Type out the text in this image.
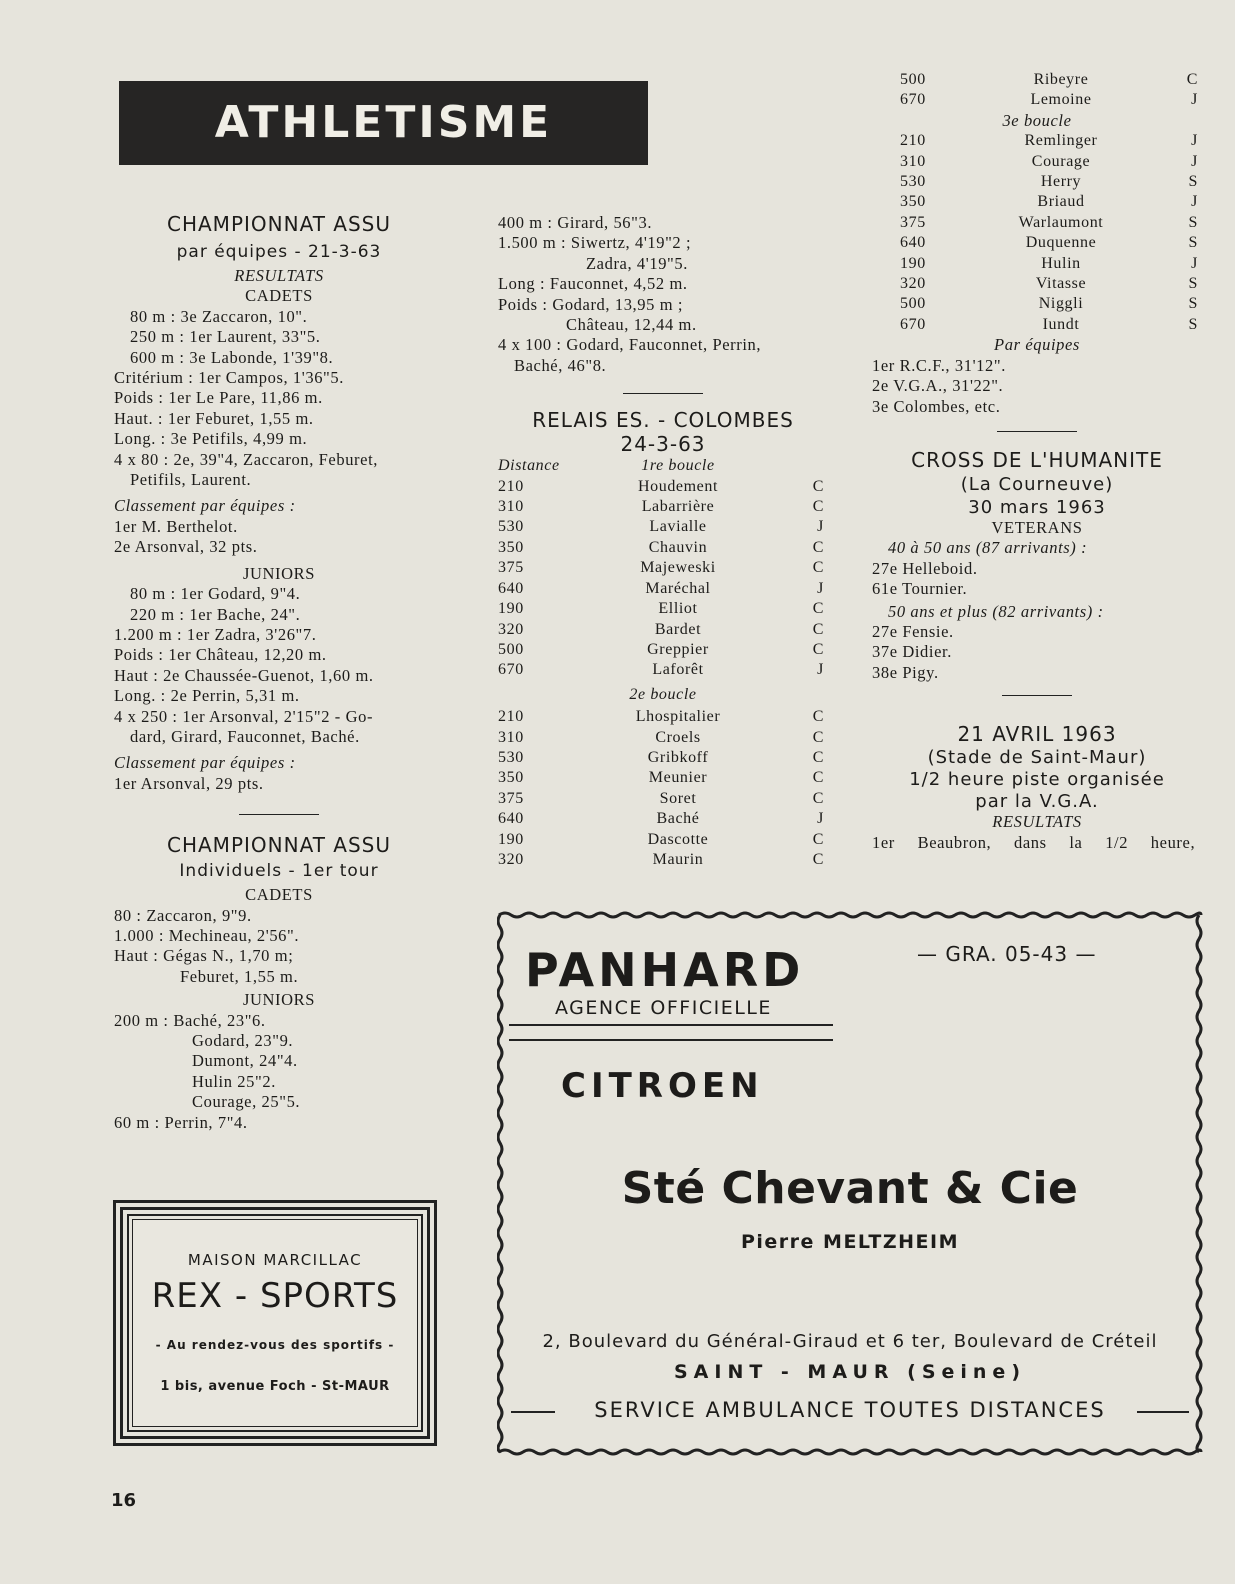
ATHLETISME
CHAMPIONNAT ASSU
par équipes - 21-3-63
RESULTATS
CADETS
80 m : 3e Zaccaron, 10".
250 m : 1er Laurent, 33"5.
600 m : 3e Labonde, 1'39"8.
Critérium : 1er Campos, 1'36"5.
Poids : 1er Le Pare, 11,86 m.
Haut. : 1er Feburet, 1,55 m.
Long. : 3e Petifils, 4,99 m.
4 x 80 : 2e, 39"4, Zaccaron, Feburet,
Petifils, Laurent.
Classement par équipes :
1er M. Berthelot.
2e Arsonval, 32 pts.
JUNIORS
80 m : 1er Godard, 9"4.
220 m : 1er Bache, 24".
1.200 m : 1er Zadra, 3'26"7.
Poids : 1er Château, 12,20 m.
Haut : 2e Chaussée-Guenot, 1,60 m.
Long. : 2e Perrin, 5,31 m.
4 x 250 : 1er Arsonval, 2'15"2 - Go-
dard, Girard, Fauconnet, Baché.
Classement par équipes :
1er Arsonval, 29 pts.
CHAMPIONNAT ASSU
Individuels - 1er tour
CADETS
80 : Zaccaron, 9"9.
1.000 : Mechineau, 2'56".
Haut : Gégas N., 1,70 m;
Feburet, 1,55 m.
JUNIORS
200 m : Baché, 23"6.
Godard, 23"9.
Dumont, 24"4.
Hulin 25"2.
Courage, 25"5.
60 m : Perrin, 7"4.
MAISON MARCILLAC
REX - SPORTS
- Au rendez-vous des sportifs -
1 bis, avenue Foch - St-MAUR
400 m : Girard, 56"3.
1.500 m : Siwertz, 4'19"2 ;
Zadra, 4'19"5.
Long : Fauconnet, 4,52 m.
Poids : Godard, 13,95 m ;
Château, 12,44 m.
4 x 100 : Godard, Fauconnet, Perrin,
Baché, 46"8.
RELAIS ES. - COLOMBES
24-3-63
Distance	1re boucle
210	Houdement	C
310	Labarrière	C
530	Lavialle	J
350	Chauvin	C
375	Majeweski	C
640	Maréchal	J
190	Elliot	C
320	Bardet	C
500	Greppier	C
670	Laforêt	J
2e boucle
210	Lhospitalier	C
310	Croels	C
530	Gribkoff	C
350	Meunier	C
375	Soret	C
640	Baché	J
190	Dascotte	C
320	Maurin	C
500	Ribeyre	C
670	Lemoine	J
3e boucle
210	Remlinger	J
310	Courage	J
530	Herry	S
350	Briaud	J
375	Warlaumont	S
640	Duquenne	S
190	Hulin	J
320	Vitasse	S
500	Niggli	S
670	Iundt	S
Par équipes
1er R.C.F., 31'12".
2e V.G.A., 31'22".
3e Colombes, etc.
CROSS DE L'HUMANITE
(La Courneuve)
30 mars 1963
VETERANS
40 à 50 ans (87 arrivants) :
27e Helleboid.
61e Tournier.
50 ans et plus (82 arrivants) :
27e Fensie.
37e Didier.
38e Pigy.
21 AVRIL 1963
(Stade de Saint-Maur)
1/2 heure piste organisée
par la V.G.A.
RESULTATS
1er Beaubron, dans la 1/2 heure,
PANHARD
AGENCE OFFICIELLE
— GRA. 05-43 —
CITROEN
Sté Chevant & Cie
Pierre MELTZHEIM
2, Boulevard du Général-Giraud et 6 ter, Boulevard de Créteil
SAINT - MAUR (Seine)
SERVICE AMBULANCE TOUTES DISTANCES
16
